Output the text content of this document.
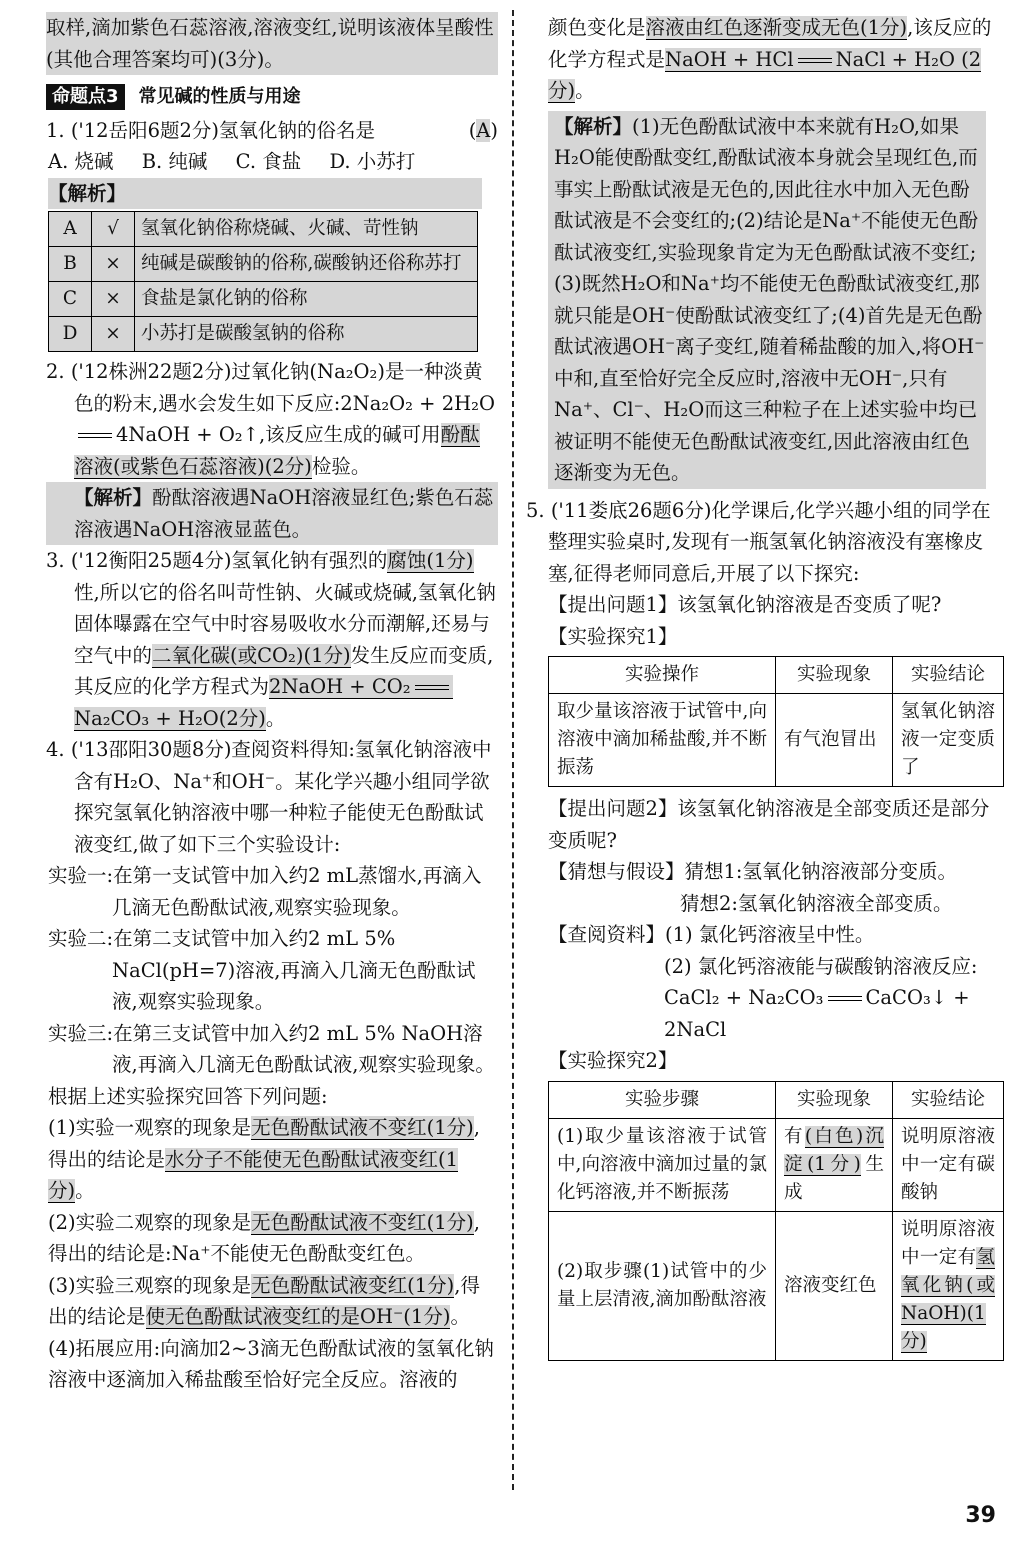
取样,滴加紫色石蕊溶液,溶液变红,说明该液体呈酸性(其他合理答案均可)(3分)。

命题点3	常见碱的性质与用途

1. ('12岳阳6题2分)氢氧化钠的俗名是	(A)

A. 烧碱 B. 纯碱 C. 食盐 D. 小苏打

【解析】

A	√	氢氧化钠俗称烧碱、火碱、苛性钠
B	×	纯碱是碳酸钠的俗称,碳酸钠还俗称苏打
C	×	食盐是氯化钠的俗称
D	×	小苏打是碳酸氢钠的俗称

2. ('12株洲22题2分)过氧化钠(Na₂O₂)是一种淡黄色的粉末,遇水会发生如下反应:2Na₂O₂ + 2H₂O4NaOH + O₂↑,该反应生成的碱可用酚酞溶液(或紫色石蕊溶液)(2分)检验。

【解析】酚酞溶液遇NaOH溶液显红色;紫色石蕊溶液遇NaOH溶液显蓝色。

3. ('12衡阳25题4分)氢氧化钠有强烈的腐蚀(1分)性,所以它的俗名叫苛性钠、火碱或烧碱,氢氧化钠固体曝露在空气中时容易吸收水分而潮解,还易与空气中的二氧化碳(或CO₂)(1分)发生反应而变质,其反应的化学方程式为2NaOH + CO₂Na₂CO₃ + H₂O(2分)。

4. ('13邵阳30题8分)查阅资料得知:氢氧化钠溶液中含有H₂O、Na⁺和OH⁻。某化学兴趣小组同学欲探究氢氧化钠溶液中哪一种粒子能使无色酚酞试液变红,做了如下三个实验设计:

实验一:在第一支试管中加入约2 mL蒸馏水,再滴入几滴无色酚酞试液,观察实验现象。

实验二:在第二支试管中加入约2 mL 5% NaCl(pH=7)溶液,再滴入几滴无色酚酞试液,观察实验现象。

实验三:在第三支试管中加入约2 mL 5% NaOH溶液,再滴入几滴无色酚酞试液,观察实验现象。

根据上述实验探究回答下列问题:

(1)实验一观察的现象是无色酚酞试液不变红(1分),得出的结论是水分子不能使无色酚酞试液变红(1分)。

(2)实验二观察的现象是无色酚酞试液不变红(1分),得出的结论是:Na⁺不能使无色酚酞变红色。

(3)实验三观察的现象是无色酚酞试液变红(1分),得出的结论是使无色酚酞试液变红的是OH⁻(1分)。

(4)拓展应用:向滴加2~3滴无色酚酞试液的氢氧化钠溶液中逐滴加入稀盐酸至恰好完全反应。溶液的

颜色变化是溶液由红色逐渐变成无色(1分),该反应的化学方程式是NaOH + HCl NaCl + H₂O (2分)。

【解析】(1)无色酚酞试液中本来就有H₂O,如果H₂O能使酚酞变红,酚酞试液本身就会呈现红色,而事实上酚酞试液是无色的,因此往水中加入无色酚酞试液是不会变红的;(2)结论是Na⁺不能使无色酚酞试液变红,实验现象肯定为无色酚酞试液不变红;(3)既然H₂O和Na⁺均不能使无色酚酞试液变红,那就只能是OH⁻使酚酞试液变红了;(4)首先是无色酚酞试液遇OH⁻离子变红,随着稀盐酸的加入,将OH⁻中和,直至恰好完全反应时,溶液中无OH⁻,只有Na⁺、Cl⁻、H₂O而这三种粒子在上述实验中均已被证明不能使无色酚酞试液变红,因此溶液由红色逐渐变为无色。

5. ('11娄底26题6分)化学课后,化学兴趣小组的同学在整理实验桌时,发现有一瓶氢氧化钠溶液没有塞橡皮塞,征得老师同意后,开展了以下探究:

【提出问题1】该氢氧化钠溶液是否变质了呢?

【实验探究1】

实验操作	实验现象	实验结论
取少量该溶液于试管中,向溶液中滴加稀盐酸,并不断振荡	有气泡冒出	氢氧化钠溶液一定变质了

【提出问题2】该氢氧化钠溶液是全部变质还是部分变质呢?

【猜想与假设】猜想1:氢氧化钠溶液部分变质。

猜想2:氢氧化钠溶液全部变质。

【查阅资料】(1) 氯化钙溶液呈中性。

(2) 氯化钙溶液能与碳酸钠溶液反应:

CaCl₂ + Na₂CO₃ CaCO₃↓ + 2NaCl

【实验探究2】

实验步骤	实验现象	实验结论
(1)取少量该溶液于试管中,向溶液中滴加过量的氯化钙溶液,并不断振荡	有(白色)沉淀(1分)生成	说明原溶液中一定有碳酸钠
(2)取步骤(1)试管中的少量上层清液,滴加酚酞溶液	溶液变红色	说明原溶液中一定有氢氧化钠(或NaOH)(1分)
39
